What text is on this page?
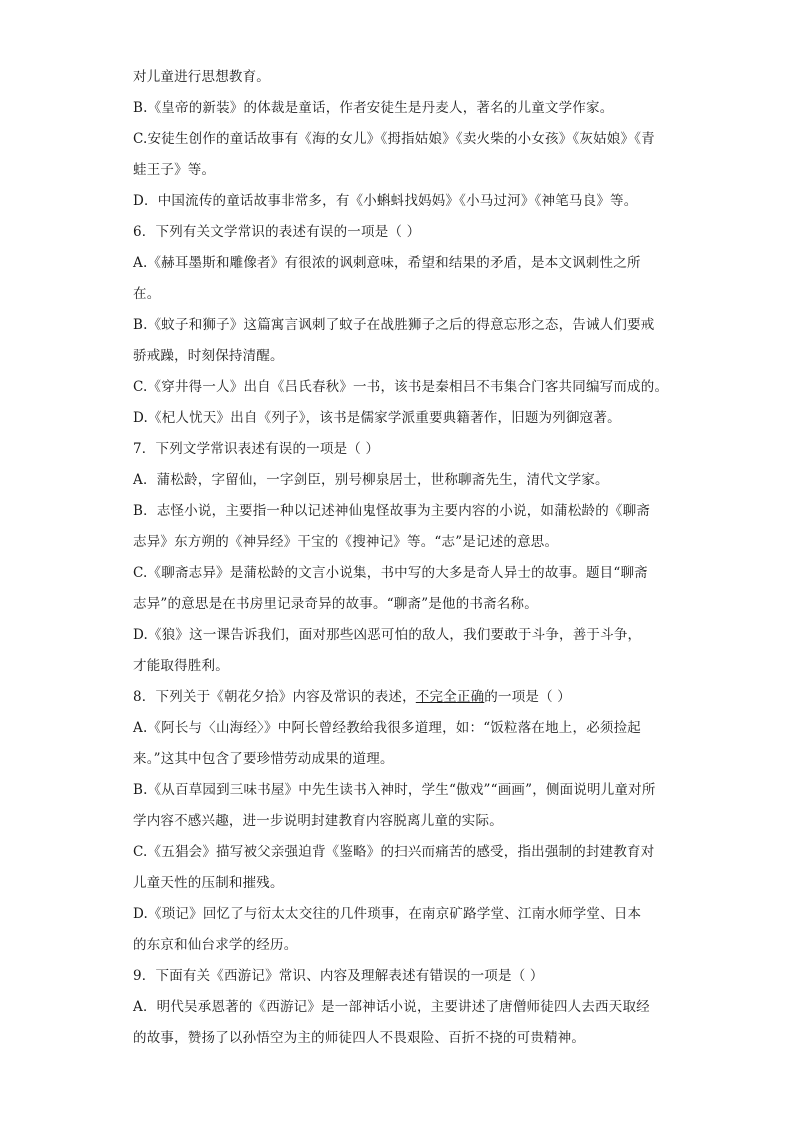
对儿童进行思想教育。
B.《皇帝的新装》的体裁是童话，作者安徒生是丹麦人，著名的儿童文学作家。
C.安徒生创作的童话故事有《海的女儿》《拇指姑娘》《卖火柴的小女孩》《灰姑娘》《青
蛙王子》等。
D．中国流传的童话故事非常多，有《小蝌蚪找妈妈》《小马过河》《神笔马良》等。
6．下列有关文学常识的表述有误的一项是（ ）
A.《赫耳墨斯和雕像者》有很浓的讽刺意味，希望和结果的矛盾，是本文讽刺性之所
在。
B.《蚊子和狮子》这篇寓言讽刺了蚊子在战胜狮子之后的得意忘形之态，告诫人们要戒
骄戒躁，时刻保持清醒。
C.《穿井得一人》出自《吕氏春秋》一书，该书是秦相吕不韦集合门客共同编写而成的。
D.《杞人忧天》出自《列子》，该书是儒家学派重要典籍著作，旧题为列御寇著。
7．下列文学常识表述有误的一项是（ ）
A．蒲松龄，字留仙，一字剑臣，别号柳泉居士，世称聊斋先生，清代文学家。
B．志怪小说，主要指一种以记述神仙鬼怪故事为主要内容的小说，如蒲松龄的《聊斋
志异》东方朔的《神异经》干宝的《搜神记》等。“志”是记述的意思。
C.《聊斋志异》是蒲松龄的文言小说集，书中写的大多是奇人异士的故事。题目“聊斋
志异”的意思是在书房里记录奇异的故事。“聊斋”是他的书斋名称。
D.《狼》这一课告诉我们，面对那些凶恶可怕的敌人，我们要敢于斗争，善于斗争，
才能取得胜利。
8．下列关于《朝花夕拾》内容及常识的表述，不完全正确的一项是（ ）
A.《阿长与〈山海经〉》中阿长曾经教给我很多道理，如：“饭粒落在地上，必须捡起
来。”这其中包含了要珍惜劳动成果的道理。
B.《从百草园到三味书屋》中先生读书入神时，学生“傲戏”“画画”，侧面说明儿童对所
学内容不感兴趣，进一步说明封建教育内容脱离儿童的实际。
C.《五猖会》描写被父亲强迫背《鉴略》的扫兴而痛苦的感受，指出强制的封建教育对
儿童天性的压制和摧残。
D.《琐记》回忆了与衍太太交往的几件琐事，在南京矿路学堂、江南水师学堂、日本
的东京和仙台求学的经历。
9．下面有关《西游记》常识、内容及理解表述有错误的一项是（ ）
A．明代吴承恩著的《西游记》是一部神话小说，主要讲述了唐僧师徒四人去西天取经
的故事，赞扬了以孙悟空为主的师徒四人不畏艰险、百折不挠的可贵精神。
